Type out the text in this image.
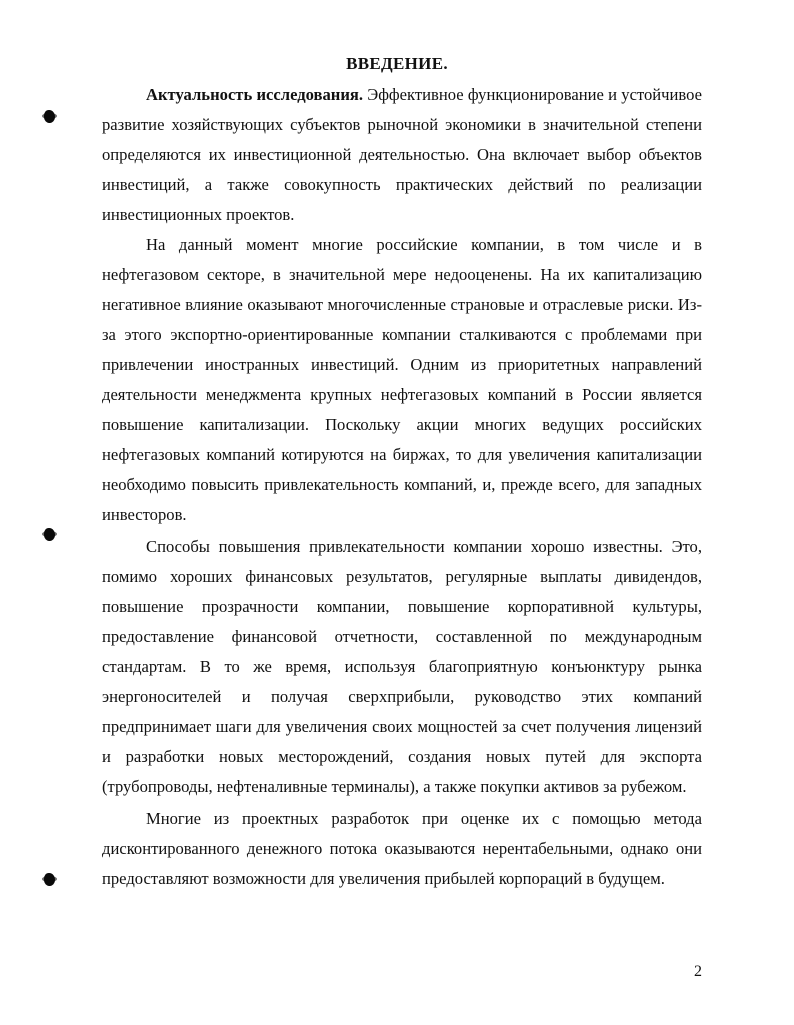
ВВЕДЕНИЕ.

Актуальность исследования. Эффективное функционирование и устойчивое развитие хозяйствующих субъектов рыночной экономики в значительной степени определяются их инвестиционной деятельностью. Она включает выбор объектов инвестиций, а также совокупность практических действий по реализации инвестиционных проектов.

На данный момент многие российские компании, в том числе и в нефтегазовом секторе, в значительной мере недооценены. На их капитализацию негативное влияние оказывают многочисленные страновые и отраслевые риски. Из-за этого экспортно-ориентированные компании сталкиваются с проблемами при привлечении иностранных инвестиций. Одним из приоритетных направлений деятельности менеджмента крупных нефтегазовых компаний в России является повышение капитализации. Поскольку акции многих ведущих российских нефтегазовых компаний котируются на биржах, то для увеличения капитализации необходимо повысить привлекательность компаний, и, прежде всего, для западных инвесторов.

Способы повышения привлекательности компании хорошо известны. Это, помимо хороших финансовых результатов, регулярные выплаты дивидендов, повышение прозрачности компании, повышение корпоративной культуры, предоставление финансовой отчетности, составленной по международным стандартам. В то же время, используя благоприятную конъюнктуру рынка энергоносителей и получая сверхприбыли, руководство этих компаний предпринимает шаги для увеличения своих мощностей за счет получения лицензий и разработки новых месторождений, создания новых путей для экспорта (трубопроводы, нефтеналивные терминалы), а также покупки активов за рубежом.

Многие из проектных разработок при оценке их с помощью метода дисконтированного денежного потока оказываются нерентабельными, однако они предоставляют возможности для увеличения прибылей корпораций в будущем.

2
